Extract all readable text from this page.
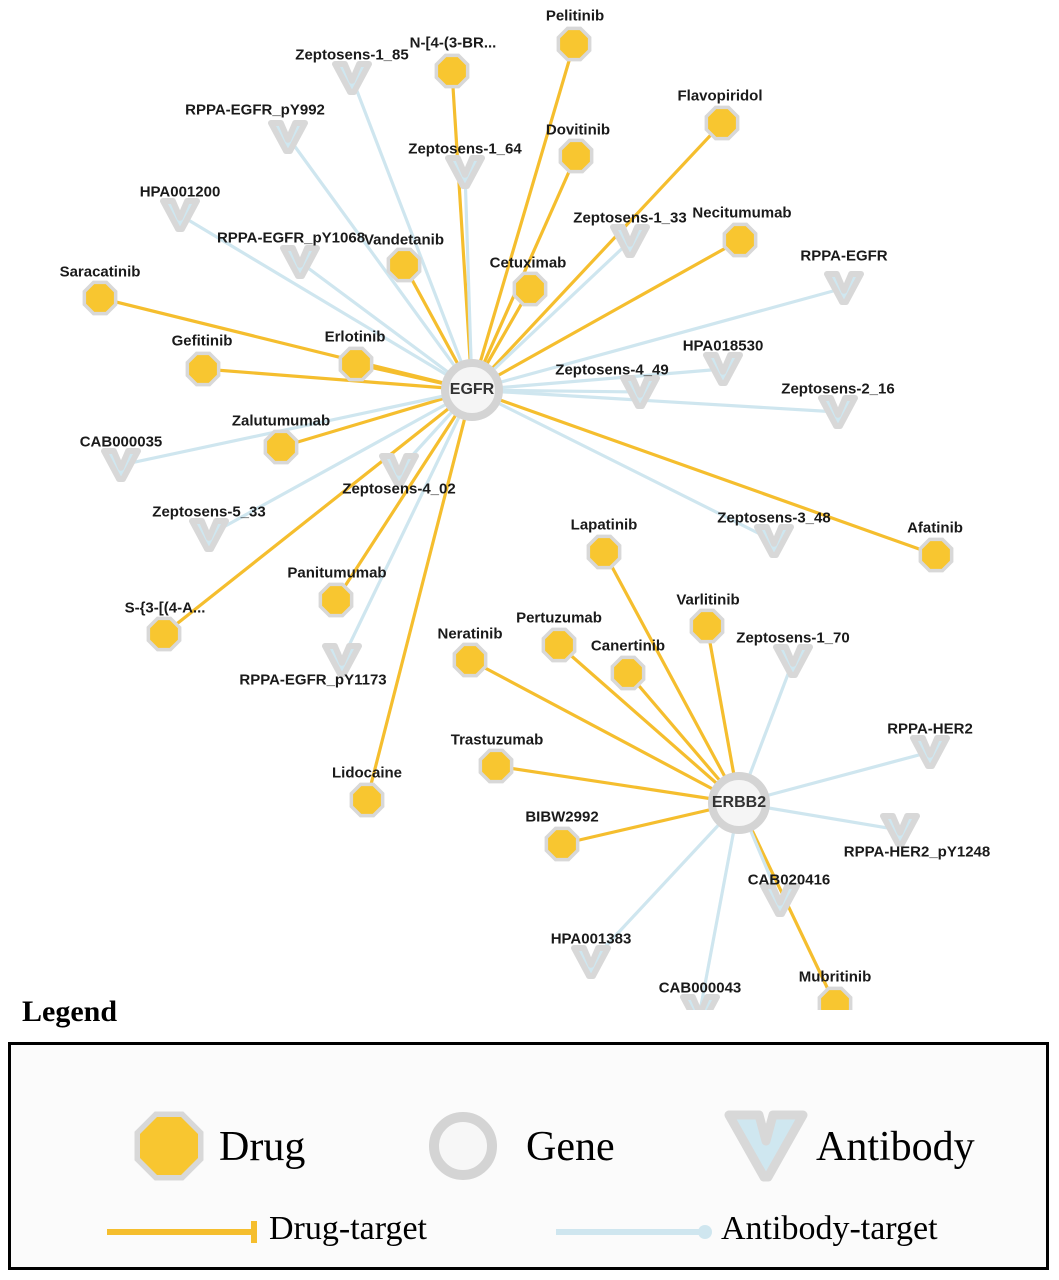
Pelitinib
N-[4-(3-BR...
Flavopiridol
Dovitinib
Necitumumab
Vandetanib
Cetuximab
Saracatinib
Gefitinib	Erlotinib
Zalutumumab
Afatinib
Lapatinib
Varlitinib
Panitumumab
S-{3-[(4-A...
Pertuzumab
Neratinib
Canertinib
Trastuzumab
Lidocaine
BIBW2992
Mubritinib
Zeptosens-1_85
RPPA-EGFR_pY992
Zeptosens-1_64
HPA001200
Zeptosens-1_33
RPPA-EGFR_pY1068
RPPA-EGFR
HPA018530
Zeptosens-4_49
Zeptosens-2_16
CAB000035
Zeptosens-4_02
Zeptosens-5_33	Zeptosens-3_48
Zeptosens-1_70
RPPA-EGFR_pY1173
RPPA-HER2
RPPA-HER2_pY1248
CAB020416
HPA001383
CAB000043
EGFR
ERBB2
Legend
Drug	Gene	Antibody
Drug-target	Antibody-target
